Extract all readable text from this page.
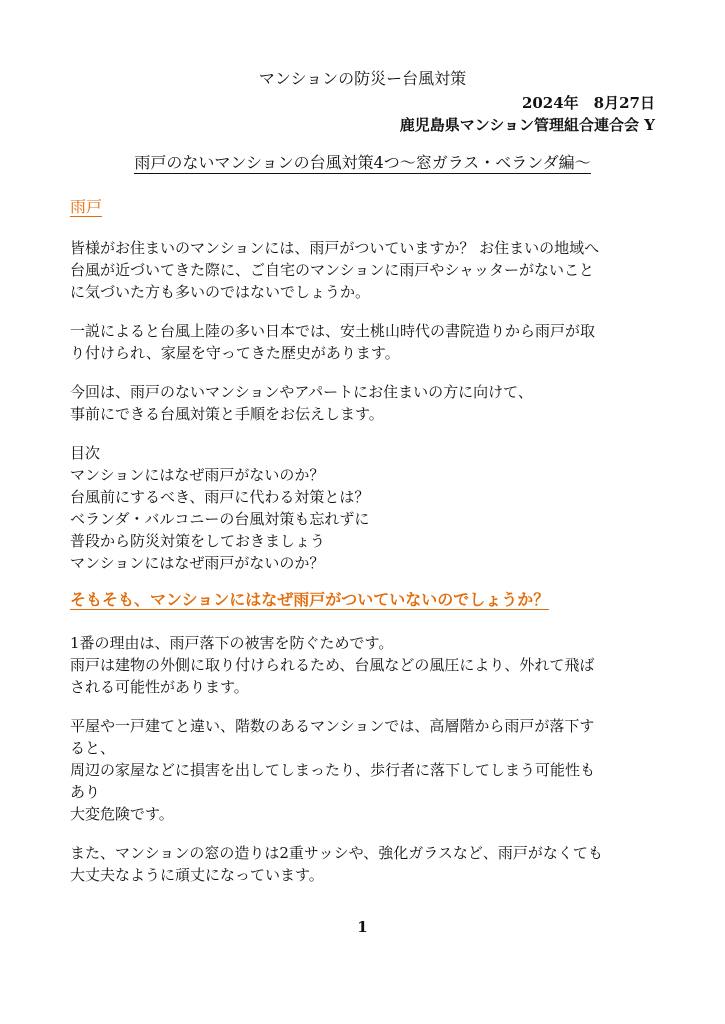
マンションの防災ー台風対策
2024年　8月27日
鹿児島県マンション管理組合連合会 Y
雨戸のないマンションの台風対策4つ〜窓ガラス・ベランダ編〜
雨戸
皆様がお住まいのマンションには、雨戸がついていますか？ お住まいの地域へ
台風が近づいてきた際に、ご自宅のマンションに雨戸やシャッターがないこと
に気づいた方も多いのではないでしょうか。
一説によると台風上陸の多い日本では、安土桃山時代の書院造りから雨戸が取
り付けられ、家屋を守ってきた歴史があります。
今回は、雨戸のないマンションやアパートにお住まいの方に向けて、
事前にできる台風対策と手順をお伝えします。
目次
マンションにはなぜ雨戸がないのか？
台風前にするべき、雨戸に代わる対策とは？
ベランダ・バルコニーの台風対策も忘れずに
普段から防災対策をしておきましょう
マンションにはなぜ雨戸がないのか？
そもそも、マンションにはなぜ雨戸がついていないのでしょうか？
1番の理由は、雨戸落下の被害を防ぐためです。
雨戸は建物の外側に取り付けられるため、台風などの風圧により、外れて飛ば
される可能性があります。
平屋や一戸建てと違い、階数のあるマンションでは、高層階から雨戸が落下す
ると、
周辺の家屋などに損害を出してしまったり、歩行者に落下してしまう可能性も
あり
大変危険です。
また、マンションの窓の造りは2重サッシや、強化ガラスなど、雨戸がなくても
大丈夫なように頑丈になっています。
1
